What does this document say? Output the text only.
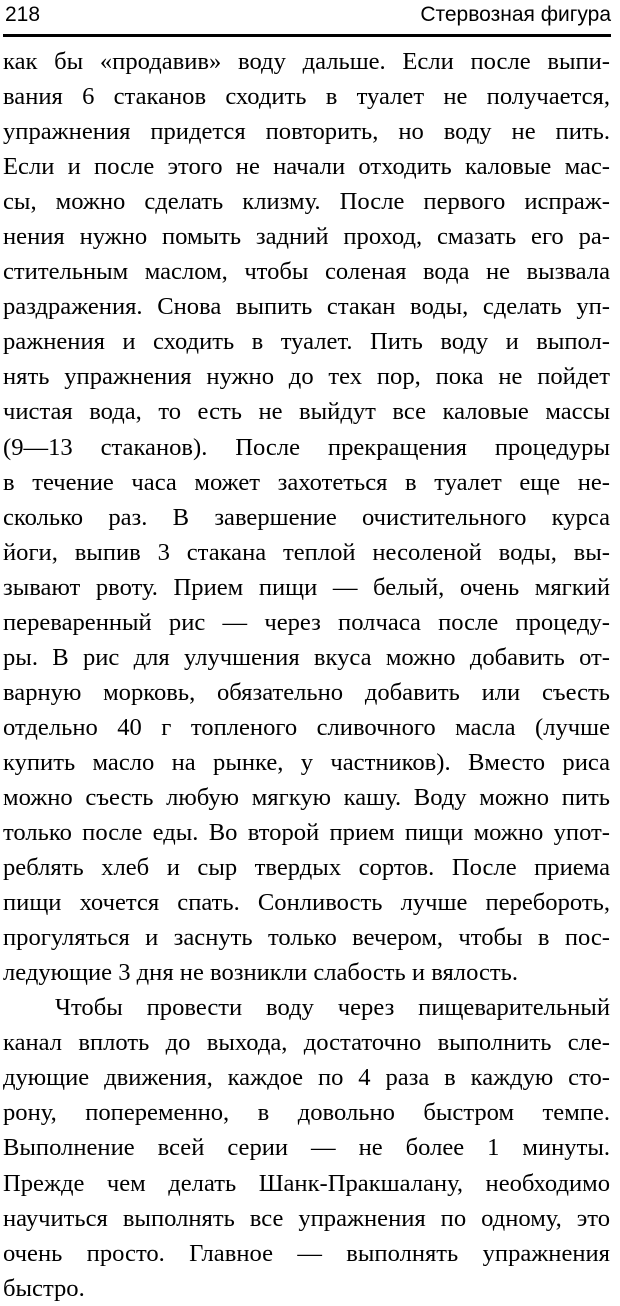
218	Стервозная фигура
как бы «продавив» воду дальше. Если после выпи-
вания 6 стаканов сходить в туалет не получается,
упражнения придется повторить, но воду не пить.
Если и после этого не начали отходить каловые мас-
сы, можно сделать клизму. После первого испраж-
нения нужно помыть задний проход, смазать его ра-
стительным маслом, чтобы соленая вода не вызвала
раздражения. Снова выпить стакан воды, сделать уп-
ражнения и сходить в туалет. Пить воду и выпол-
нять упражнения нужно до тех пор, пока не пойдет
чистая вода, то есть не выйдут все каловые массы
(9—13 стаканов). После прекращения процедуры
в течение часа может захотеться в туалет еще не-
сколько раз. В завершение очистительного курса
йоги, выпив 3 стакана теплой несоленой воды, вы-
зывают рвоту. Прием пищи — белый, очень мягкий
переваренный рис — через полчаса после процеду-
ры. В рис для улучшения вкуса можно добавить от-
варную морковь, обязательно добавить или съесть
отдельно 40 г топленого сливочного масла (лучше
купить масло на рынке, у частников). Вместо риса
можно съесть любую мягкую кашу. Воду можно пить
только после еды. Во второй прием пищи можно упот-
реблять хлеб и сыр твердых сортов. После приема
пищи хочется спать. Сонливость лучше перебороть,
прогуляться и заснуть только вечером, чтобы в пос-
ледующие 3 дня не возникли слабость и вялость.
Чтобы провести воду через пищеварительный
канал вплоть до выхода, достаточно выполнить сле-
дующие движения, каждое по 4 раза в каждую сто-
рону, попеременно, в довольно быстром темпе.
Выполнение всей серии — не более 1 минуты.
Прежде чем делать Шанк-Пракшалану, необходимо
научиться выполнять все упражнения по одному, это
очень просто. Главное — выполнять упражнения
быстро.
